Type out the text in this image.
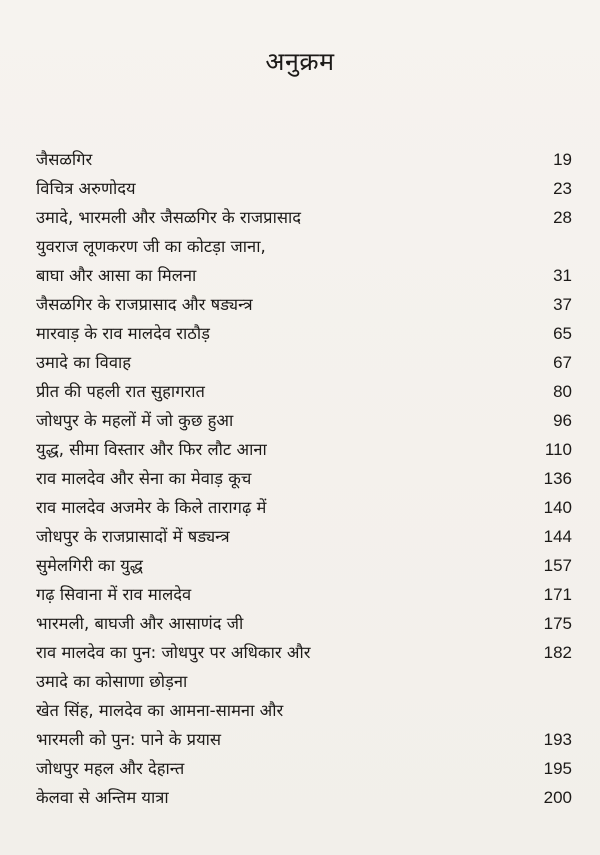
अनुक्रम
जैसळगिर	19
विचित्र अरुणोदय	23
उमादे, भारमली और जैसळगिर के राजप्रासाद	28
युवराज लूणकरण जी का कोटड़ा जाना,
बाघा और आसा का मिलना	31
जैसळगिर के राजप्रासाद और षड्यन्त्र	37
मारवाड़ के राव मालदेव राठौड़	65
उमादे का विवाह	67
प्रीत की पहली रात सुहागरात	80
जोधपुर के महलों में जो कुछ हुआ	96
युद्ध, सीमा विस्तार और फिर लौट आना	110
राव मालदेव और सेना का मेवाड़ कूच	136
राव मालदेव अजमेर के किले तारागढ़ में	140
जोधपुर के राजप्रासादों में षड्यन्त्र	144
सुमेलगिरी का युद्ध	157
गढ़ सिवाना में राव मालदेव	171
भारमली, बाघजी और आसाणंद जी	175
राव मालदेव का पुन: जोधपुर पर अधिकार और	182
उमादे का कोसाणा छोड़ना
खेत सिंह, मालदेव का आमना-सामना और
भारमली को पुन: पाने के प्रयास	193
जोधपुर महल और देहान्त	195
केलवा से अन्तिम यात्रा	200
